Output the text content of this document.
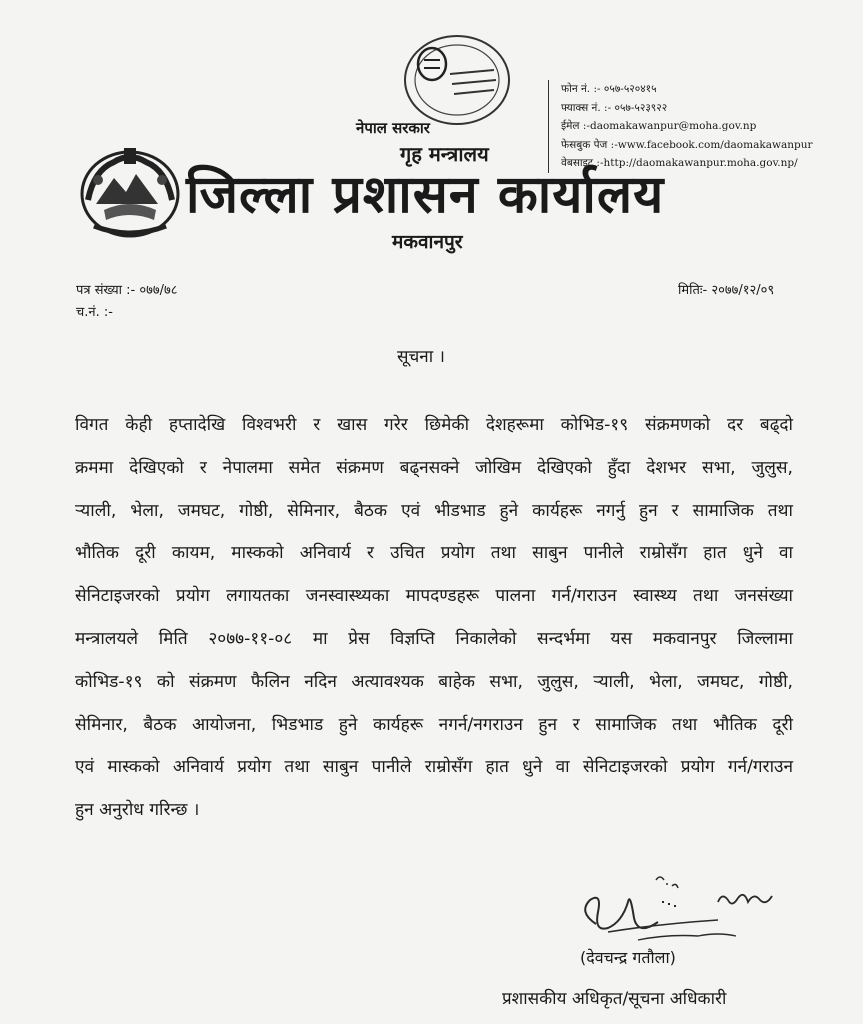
नेपाल सरकार
गृह मन्त्रालय
जिल्ला प्रशासन कार्यालय
मकवानपुर
फोन नं. :- ०५७-५२०४१५
फ्याक्स नं. :- ०५७-५२३९२२
ईमेल :-daomakawanpur@moha.gov.np
फेसबुक पेज :-www.facebook.com/daomakawanpur
वेबसाइट :-http://daomakawanpur.moha.gov.np/
पत्र संख्या :- ०७७/७८
च.नं. :-
मितिः- २०७७/१२/०९
सूचना ।
विगत केही हप्तादेखि विश्वभरी र खास गरेर छिमेकी देशहरूमा कोभिड-१९ संक्रमणको दर बढ्दो
क्रममा देखिएको र नेपालमा समेत संक्रमण बढ्नसक्ने जोखिम देखिएको हुँदा देशभर सभा, जुलुस,
र्‍याली, भेला, जमघट, गोष्ठी, सेमिनार, बैठक एवं भीडभाड हुने कार्यहरू नगर्नु हुन र सामाजिक तथा
भौतिक दूरी कायम, मास्कको अनिवार्य र उचित प्रयोग तथा साबुन पानीले राम्रोसँग हात धुने वा
सेनिटाइजरको प्रयोग लगायतका जनस्वास्थ्यका मापदण्डहरू पालना गर्न/गराउन स्वास्थ्य तथा जनसंख्या
मन्त्रालयले मिति २०७७-११-०८ मा प्रेस विज्ञप्ति निकालेको सन्दर्भमा यस मकवानपुर जिल्लामा
कोभिड-१९ को संक्रमण फैलिन नदिन अत्यावश्यक बाहेक सभा, जुलुस, र्‍याली, भेला, जमघट, गोष्ठी,
सेमिनार, बैठक आयोजना, भिडभाड हुने कार्यहरू नगर्न/नगराउन हुन र सामाजिक तथा भौतिक दूरी
एवं मास्कको अनिवार्य प्रयोग तथा साबुन पानीले राम्रोसँग हात धुने वा सेनिटाइजरको प्रयोग गर्न/गराउन
हुन अनुरोध गरिन्छ ।
(देवचन्द्र गतौला)
प्रशासकीय अधिकृत/सूचना अधिकारी
